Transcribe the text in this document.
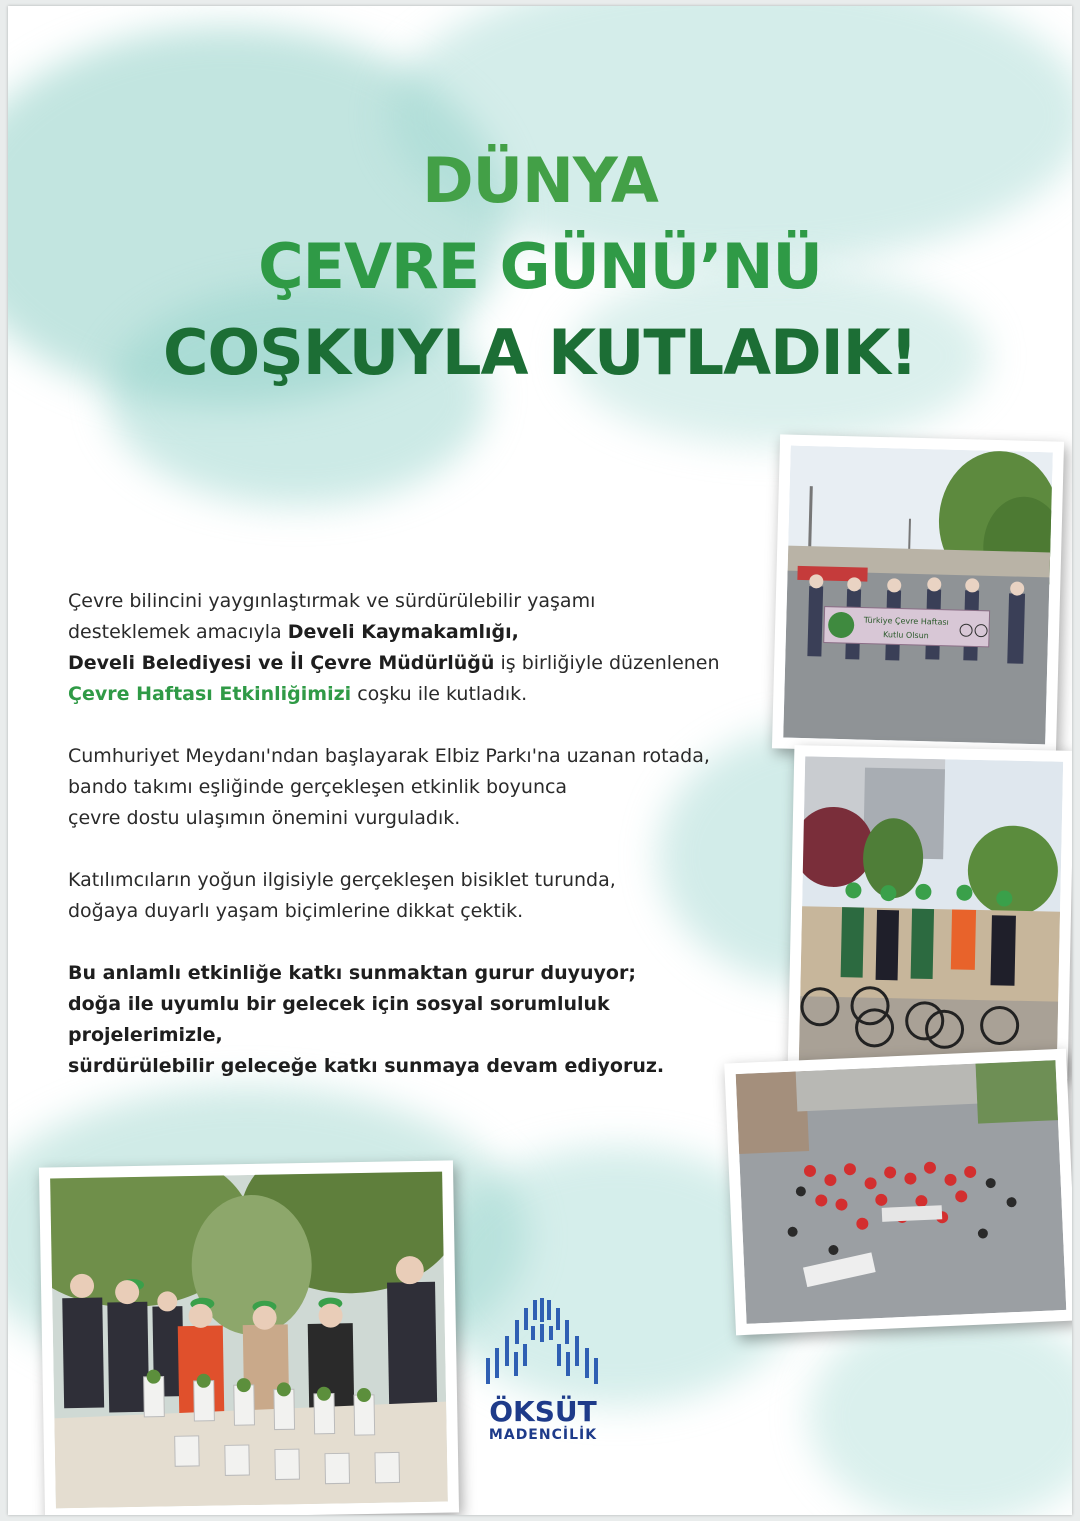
DÜNYA
ÇEVRE GÜNÜ’NÜ
COŞKUYLA KUTLADIK!

Çevre bilincini yaygınlaştırmak ve sürdürülebilir yaşamı
desteklemek amacıyla Develi Kaymakamlığı,
Develi Belediyesi ve İl Çevre Müdürlüğü iş birliğiyle düzenlenen
Çevre Haftası Etkinliğimizi coşku ile kutladık.

Cumhuriyet Meydanı'ndan başlayarak Elbiz Parkı'na uzanan rotada,
bando takımı eşliğinde gerçekleşen etkinlik boyunca
çevre dostu ulaşımın önemini vurguladık.

Katılımcıların yoğun ilgisiyle gerçekleşen bisiklet turunda,
doğaya duyarlı yaşam biçimlerine dikkat çektik.

Bu anlamlı etkinliğe katkı sunmaktan gurur duyuyor;
doğa ile uyumlu bir gelecek için sosyal sorumluluk projelerimizle,
sürdürülebilir geleceğe katkı sunmaya devam ediyoruz.

Türkiye Çevre Haftası
Kutlu Olsun
ÖKSÜT
MADENCİLİK
